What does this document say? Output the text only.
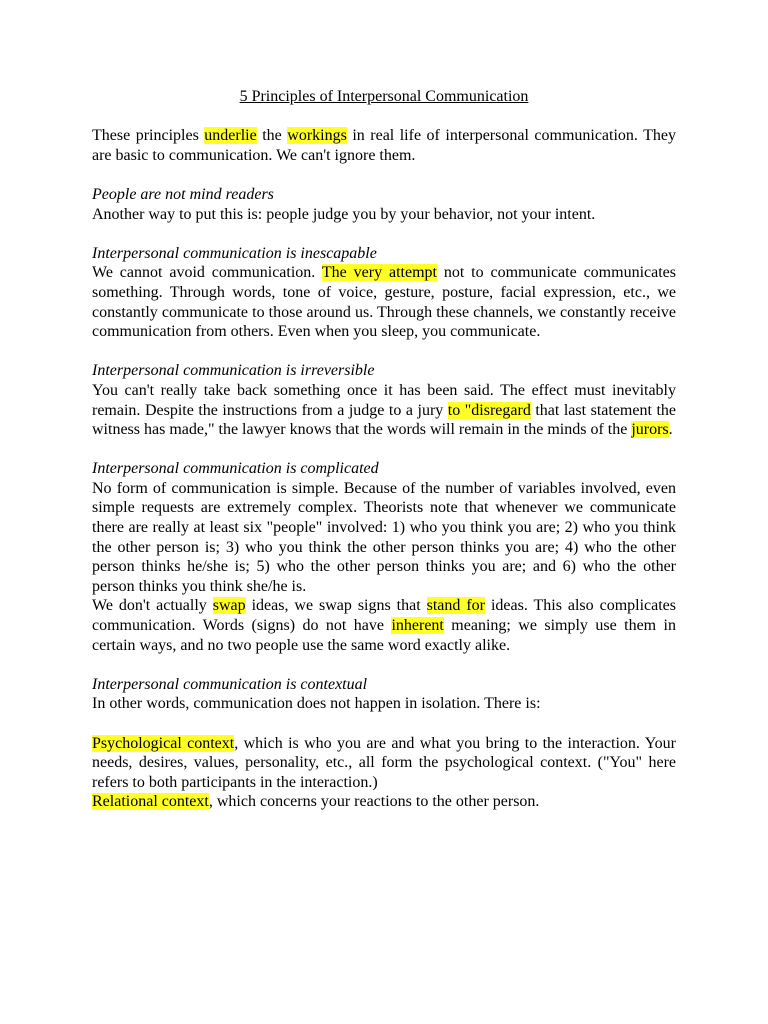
5 Principles of Interpersonal Communication

These principles underlie the workings in real life of interpersonal communication. They are basic to communication. We can't ignore them.

People are not mind readers

Another way to put this is: people judge you by your behavior, not your intent.

Interpersonal communication is inescapable

We cannot avoid communication. The very attempt not to communicate communicates something. Through words, tone of voice, gesture, posture, facial expression, etc., we constantly communicate to those around us. Through these channels, we constantly receive communication from others. Even when you sleep, you communicate.

Interpersonal communication is irreversible

You can't really take back something once it has been said. The effect must inevitably remain. Despite the instructions from a judge to a jury to "disregard that last statement the witness has made," the lawyer knows that the words will remain in the minds of the jurors.

Interpersonal communication is complicated

No form of communication is simple. Because of the number of variables involved, even simple requests are extremely complex. Theorists note that whenever we communicate there are really at least six "people" involved: 1) who you think you are; 2) who you think the other person is; 3) who you think the other person thinks you are; 4) who the other person thinks he/she is; 5) who the other person thinks you are; and 6) who the other person thinks you think she/he is.

We don't actually swap ideas, we swap signs that stand for ideas. This also complicates communication. Words (signs) do not have inherent meaning; we simply use them in certain ways, and no two people use the same word exactly alike.

Interpersonal communication is contextual

In other words, communication does not happen in isolation. There is:

Psychological context, which is who you are and what you bring to the interaction. Your needs, desires, values, personality, etc., all form the psychological context. ("You" here refers to both participants in the interaction.)

Relational context, which concerns your reactions to the other person.
